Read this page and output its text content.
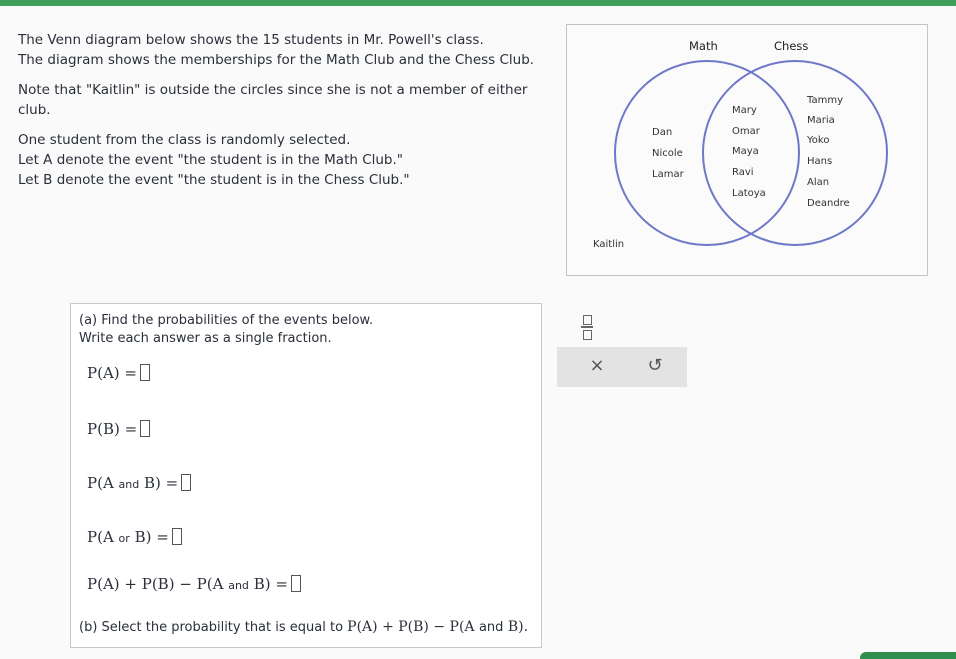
The Venn diagram below shows the 15 students in Mr. Powell's class.

The diagram shows the memberships for the Math Club and the Chess Club.

Note that "Kaitlin" is outside the circles since she is not a member of either club.

One student from the class is randomly selected.

Let A denote the event "the student is in the Math Club."

Let B denote the event "the student is in the Chess Club."

Math	Chess
Dan
Nicole
Lamar
Mary
Omar
Maya
Ravi
Latoya
Tammy
Maria
Yoko
Hans
Alan
Deandre
Kaitlin
(a) Find the probabilities of the events below.
Write each answer as a single fraction.
P(A) =
P(B) =
P(A and B) =
P(A or B) =
P(A) + P(B) − P(A and B) =
(b) Select the probability that is equal to P(A) + P(B) − P(A and B).
× ↺
